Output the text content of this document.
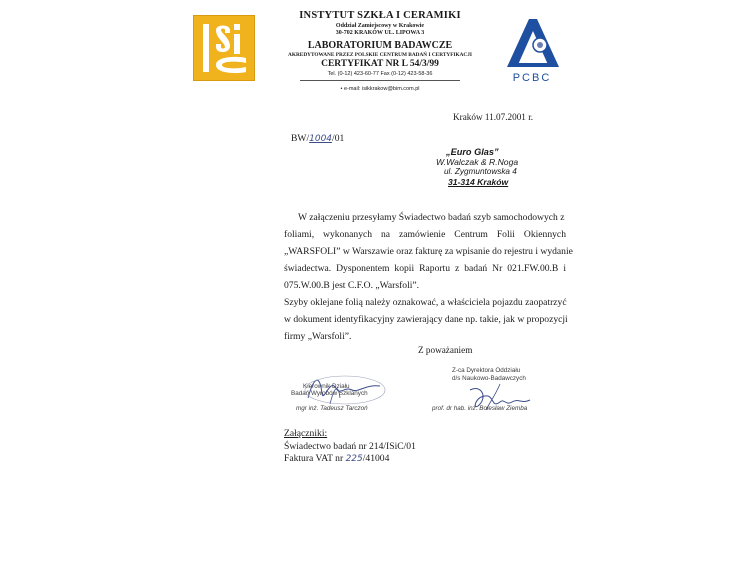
PCBC
INSTYTUT SZKŁA I CERAMIKI
Oddział Zamiejscowy w Krakowie
30-702 KRAKÓW UL. LIPOWA 3
LABORATORIUM BADAWCZE
AKREDYTOWANE PRZEZ POLSKIE CENTRUM BADAŃ I CERTYFIKACJI
CERTYFIKAT NR L 54/3/99
Tel. (0-12) 423-60-77 Fax (0-12) 423-58-36
• e-mail: isikkrakow@bim.com.pl
Kraków 11.07.2001 r.
BW/1004/01
„Euro Glas”
W.Walczak & R.Noga
ul. Zygmuntowska 4
31-314 Kraków
W załączeniu przesyłamy Świadectwo badań szyb samochodowych z
foliami, wykonanych na zamówienie Centrum Folii Okiennych
„WARSFOLI” w Warszawie oraz fakturę za wpisanie do rejestru i wydanie
świadectwa. Dysponentem kopii Raportu z badań Nr 021.FW.00.B i
075.W.00.B jest C.F.O. „Warsfoli”.
Szyby oklejane folią należy oznakować, a właściciela pojazdu zaopatrzyć
w dokument identyfikacyjny zawierający dane np. takie, jak w propozycji
firmy „Warsfoli”.
Z poważaniem
Kierownik Działu
Badań Wyrobów Szklanych
mgr inż. Tadeusz Tarczoń
Z-ca Dyrektora Oddziału
d/s Naukowo-Badawczych
prof. dr hab. inż. Bolesław Ziemba
Załączniki:
Świadectwo badań nr 214/ISiC/01
Faktura VAT nr 225/41004
